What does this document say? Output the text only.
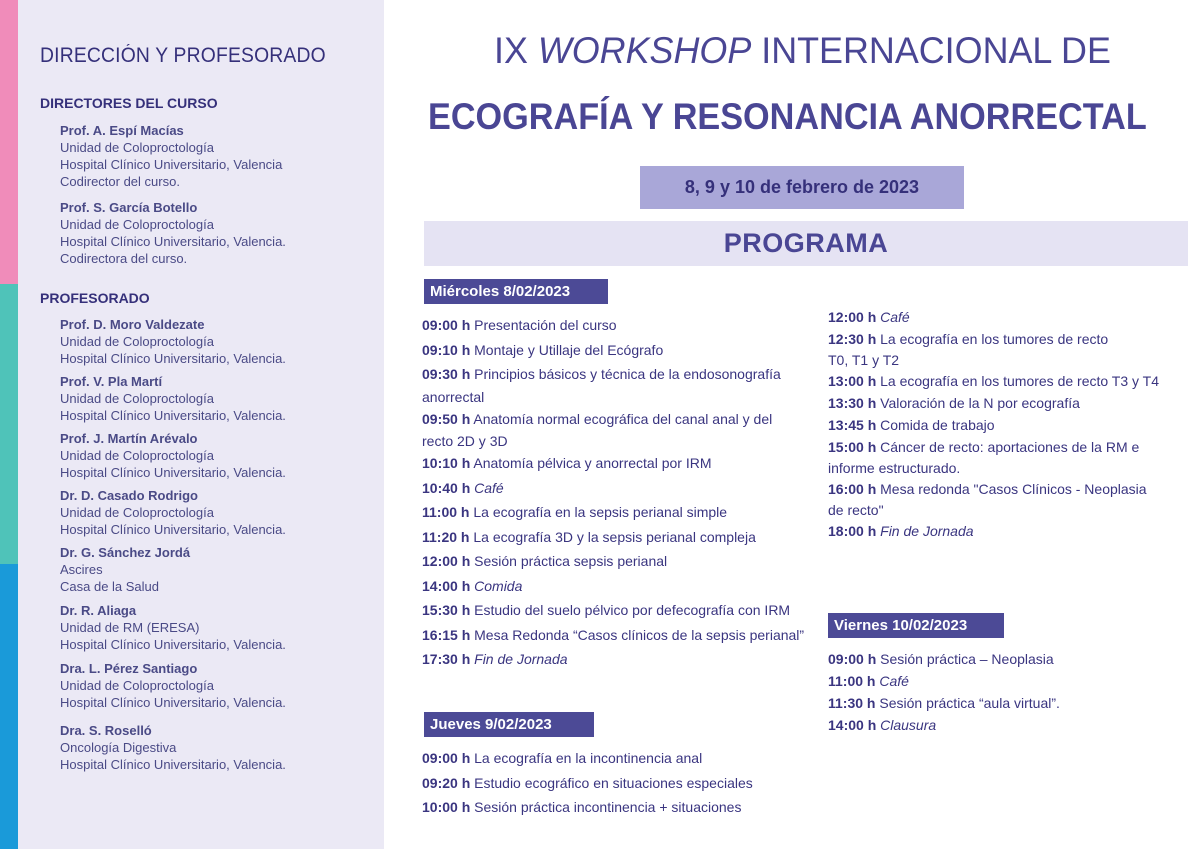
DIRECCIÓN Y PROFESORADO
DIRECTORES DEL CURSO
PROFESORADO
Prof. A. Espí Macías
Unidad de Coloproctología
Hospital Clínico Universitario, Valencia
Codirector del curso.
Prof. S. García Botello
Unidad de Coloproctología
Hospital Clínico Universitario, Valencia.
Codirectora del curso.
Prof. D. Moro Valdezate
Unidad de Coloproctología
Hospital Clínico Universitario, Valencia.
Prof. V. Pla Martí
Unidad de Coloproctología
Hospital Clínico Universitario, Valencia.
Prof. J. Martín Arévalo
Unidad de Coloproctología
Hospital Clínico Universitario, Valencia.
Dr. D. Casado Rodrigo
Unidad de Coloproctología
Hospital Clínico Universitario, Valencia.
Dr. G. Sánchez Jordá
Ascires
Casa de la Salud
Dr. R. Aliaga
Unidad de RM (ERESA)
Hospital Clínico Universitario, Valencia.
Dra. L. Pérez Santiago
Unidad de Coloproctología
Hospital Clínico Universitario, Valencia.
Dra. S. Roselló
Oncología Digestiva
Hospital Clínico Universitario, Valencia.
IX WORKSHOP INTERNACIONAL DE
ECOGRAFÍA Y RESONANCIA ANORRECTAL
8, 9 y 10 de febrero de 2023
PROGRAMA
Miércoles 8/02/2023
Jueves 9/02/2023
Viernes 10/02/2023
09:00 h Presentación del curso
09:10 h Montaje y Utillaje del Ecógrafo
09:30 h Principios básicos y técnica de la endosonografía
anorrectal
09:50 h Anatomía normal ecográfica del canal anal y del
recto 2D y 3D
10:10 h Anatomía pélvica y anorrectal por IRM
10:40 h Café
11:00 h La ecografía en la sepsis perianal simple
11:20 h La ecografía 3D y la sepsis perianal compleja
12:00 h Sesión práctica sepsis perianal
14:00 h Comida
15:30 h Estudio del suelo pélvico por defecografía con IRM
16:15 h Mesa Redonda “Casos clínicos de la sepsis perianal”
17:30 h Fin de Jornada
09:00 h La ecografía en la incontinencia anal
09:20 h Estudio ecográfico en situaciones especiales
10:00 h Sesión práctica incontinencia + situaciones
12:00 h Café
12:30 h La ecografía en los tumores de recto
T0, T1 y T2
13:00 h La ecografía en los tumores de recto T3 y T4
13:30 h Valoración de la N por ecografía
13:45 h Comida de trabajo
15:00 h Cáncer de recto: aportaciones de la RM e
informe estructurado.
16:00 h Mesa redonda "Casos Clínicos - Neoplasia
de recto"
18:00 h Fin de Jornada
09:00 h Sesión práctica – Neoplasia
11:00 h Café
11:30 h Sesión práctica “aula virtual”.
14:00 h Clausura
